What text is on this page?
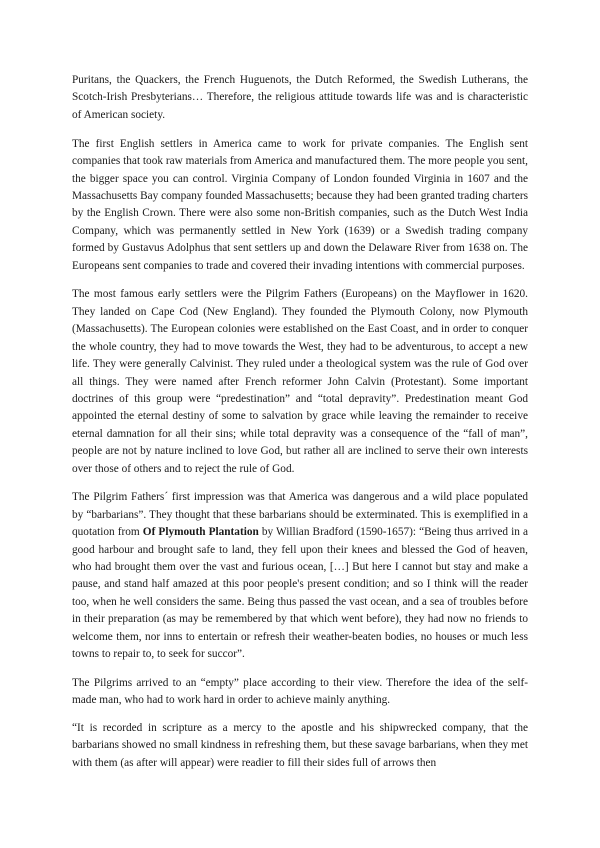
Puritans, the Quackers, the French Huguenots, the Dutch Reformed, the Swedish Lutherans, the Scotch-Irish Presbyterians… Therefore, the religious attitude towards life was and is characteristic of American society.

The first English settlers in America came to work for private companies. The English sent companies that took raw materials from America and manufactured them. The more people you sent, the bigger space you can control. Virginia Company of London founded Virginia in 1607 and the Massachusetts Bay company founded Massachusetts; because they had been granted trading charters by the English Crown. There were also some non-British companies, such as the Dutch West India Company, which was permanently settled in New York (1639) or a Swedish trading company formed by Gustavus Adolphus that sent settlers up and down the Delaware River from 1638 on. The Europeans sent companies to trade and covered their invading intentions with commercial purposes.

The most famous early settlers were the Pilgrim Fathers (Europeans) on the Mayflower in 1620. They landed on Cape Cod (New England). They founded the Plymouth Colony, now Plymouth (Massachusetts). The European colonies were established on the East Coast, and in order to conquer the whole country, they had to move towards the West, they had to be adventurous, to accept a new life. They were generally Calvinist. They ruled under a theological system was the rule of God over all things. They were named after French reformer John Calvin (Protestant). Some important doctrines of this group were “predestination” and “total depravity”. Predestination meant God appointed the eternal destiny of some to salvation by grace while leaving the remainder to receive eternal damnation for all their sins; while total depravity was a consequence of the “fall of man”, people are not by nature inclined to love God, but rather all are inclined to serve their own interests over those of others and to reject the rule of God.

The Pilgrim Fathers´ first impression was that America was dangerous and a wild place populated by “barbarians”. They thought that these barbarians should be exterminated. This is exemplified in a quotation from Of Plymouth Plantation by Willian Bradford (1590-1657): “Being thus arrived in a good harbour and brought safe to land, they fell upon their knees and blessed the God of heaven, who had brought them over the vast and furious ocean, […] But here I cannot but stay and make a pause, and stand half amazed at this poor people's present condition; and so I think will the reader too, when he well considers the same. Being thus passed the vast ocean, and a sea of troubles before in their preparation (as may be remembered by that which went before), they had now no friends to welcome them, nor inns to entertain or refresh their weather-beaten bodies, no houses or much less towns to repair to, to seek for succor”.

The Pilgrims arrived to an “empty” place according to their view. Therefore the idea of the self-made man, who had to work hard in order to achieve mainly anything.

“It is recorded in scripture as a mercy to the apostle and his shipwrecked company, that the barbarians showed no small kindness in refreshing them, but these savage barbarians, when they met with them (as after will appear) were readier to fill their sides full of arrows then
